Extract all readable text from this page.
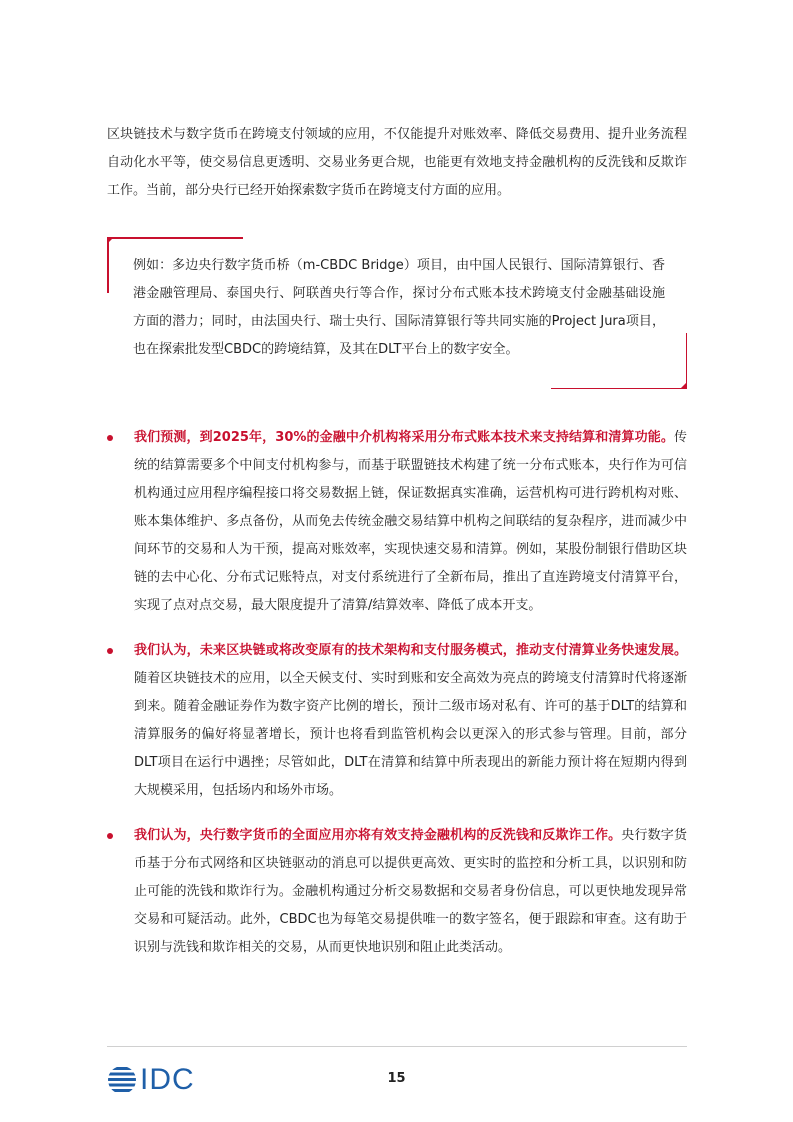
区块链技术与数字货币在跨境支付领域的应用，不仅能提升对账效率、降低交易费用、提升业务流程自动化水平等，使交易信息更透明、交易业务更合规，也能更有效地支持金融机构的反洗钱和反欺诈工作。当前，部分央行已经开始探索数字货币在跨境支付方面的应用。

例如：多边央行数字货币桥（m-CBDC Bridge）项目，由中国人民银行、国际清算银行、香港金融管理局、泰国央行、阿联酋央行等合作，探讨分布式账本技术跨境支付金融基础设施方面的潜力；同时，由法国央行、瑞士央行、国际清算银行等共同实施的Project Jura项目，也在探索批发型CBDC的跨境结算，及其在DLT平台上的数字安全。

我们预测，到2025年，30%的金融中介机构将采用分布式账本技术来支持结算和清算功能。传统的结算需要多个中间支付机构参与，而基于联盟链技术构建了统一分布式账本，央行作为可信机构通过应用程序编程接口将交易数据上链，保证数据真实准确，运营机构可进行跨机构对账、账本集体维护、多点备份，从而免去传统金融交易结算中机构之间联结的复杂程序，进而减少中间环节的交易和人为干预，提高对账效率，实现快速交易和清算。例如，某股份制银行借助区块链的去中心化、分布式记账特点，对支付系统进行了全新布局，推出了直连跨境支付清算平台，实现了点对点交易，最大限度提升了清算/结算效率、降低了成本开支。
我们认为，未来区块链或将改变原有的技术架构和支付服务模式，推动支付清算业务快速发展。随着区块链技术的应用，以全天候支付、实时到账和安全高效为亮点的跨境支付清算时代将逐渐到来。随着金融证券作为数字资产比例的增长，预计二级市场对私有、许可的基于DLT的结算和清算服务的偏好将显著增长，预计也将看到监管机构会以更深入的形式参与管理。目前，部分DLT项目在运行中遇挫；尽管如此，DLT在清算和结算中所表现出的新能力预计将在短期内得到大规模采用，包括场内和场外市场。
我们认为，央行数字货币的全面应用亦将有效支持金融机构的反洗钱和反欺诈工作。央行数字货币基于分布式网络和区块链驱动的消息可以提供更高效、更实时的监控和分析工具，以识别和防止可能的洗钱和欺诈行为。金融机构通过分析交易数据和交易者身份信息，可以更快地发现异常交易和可疑活动。此外，CBDC也为每笔交易提供唯一的数字签名，便于跟踪和审查。这有助于识别与洗钱和欺诈相关的交易，从而更快地识别和阻止此类活动。
IDC	15
